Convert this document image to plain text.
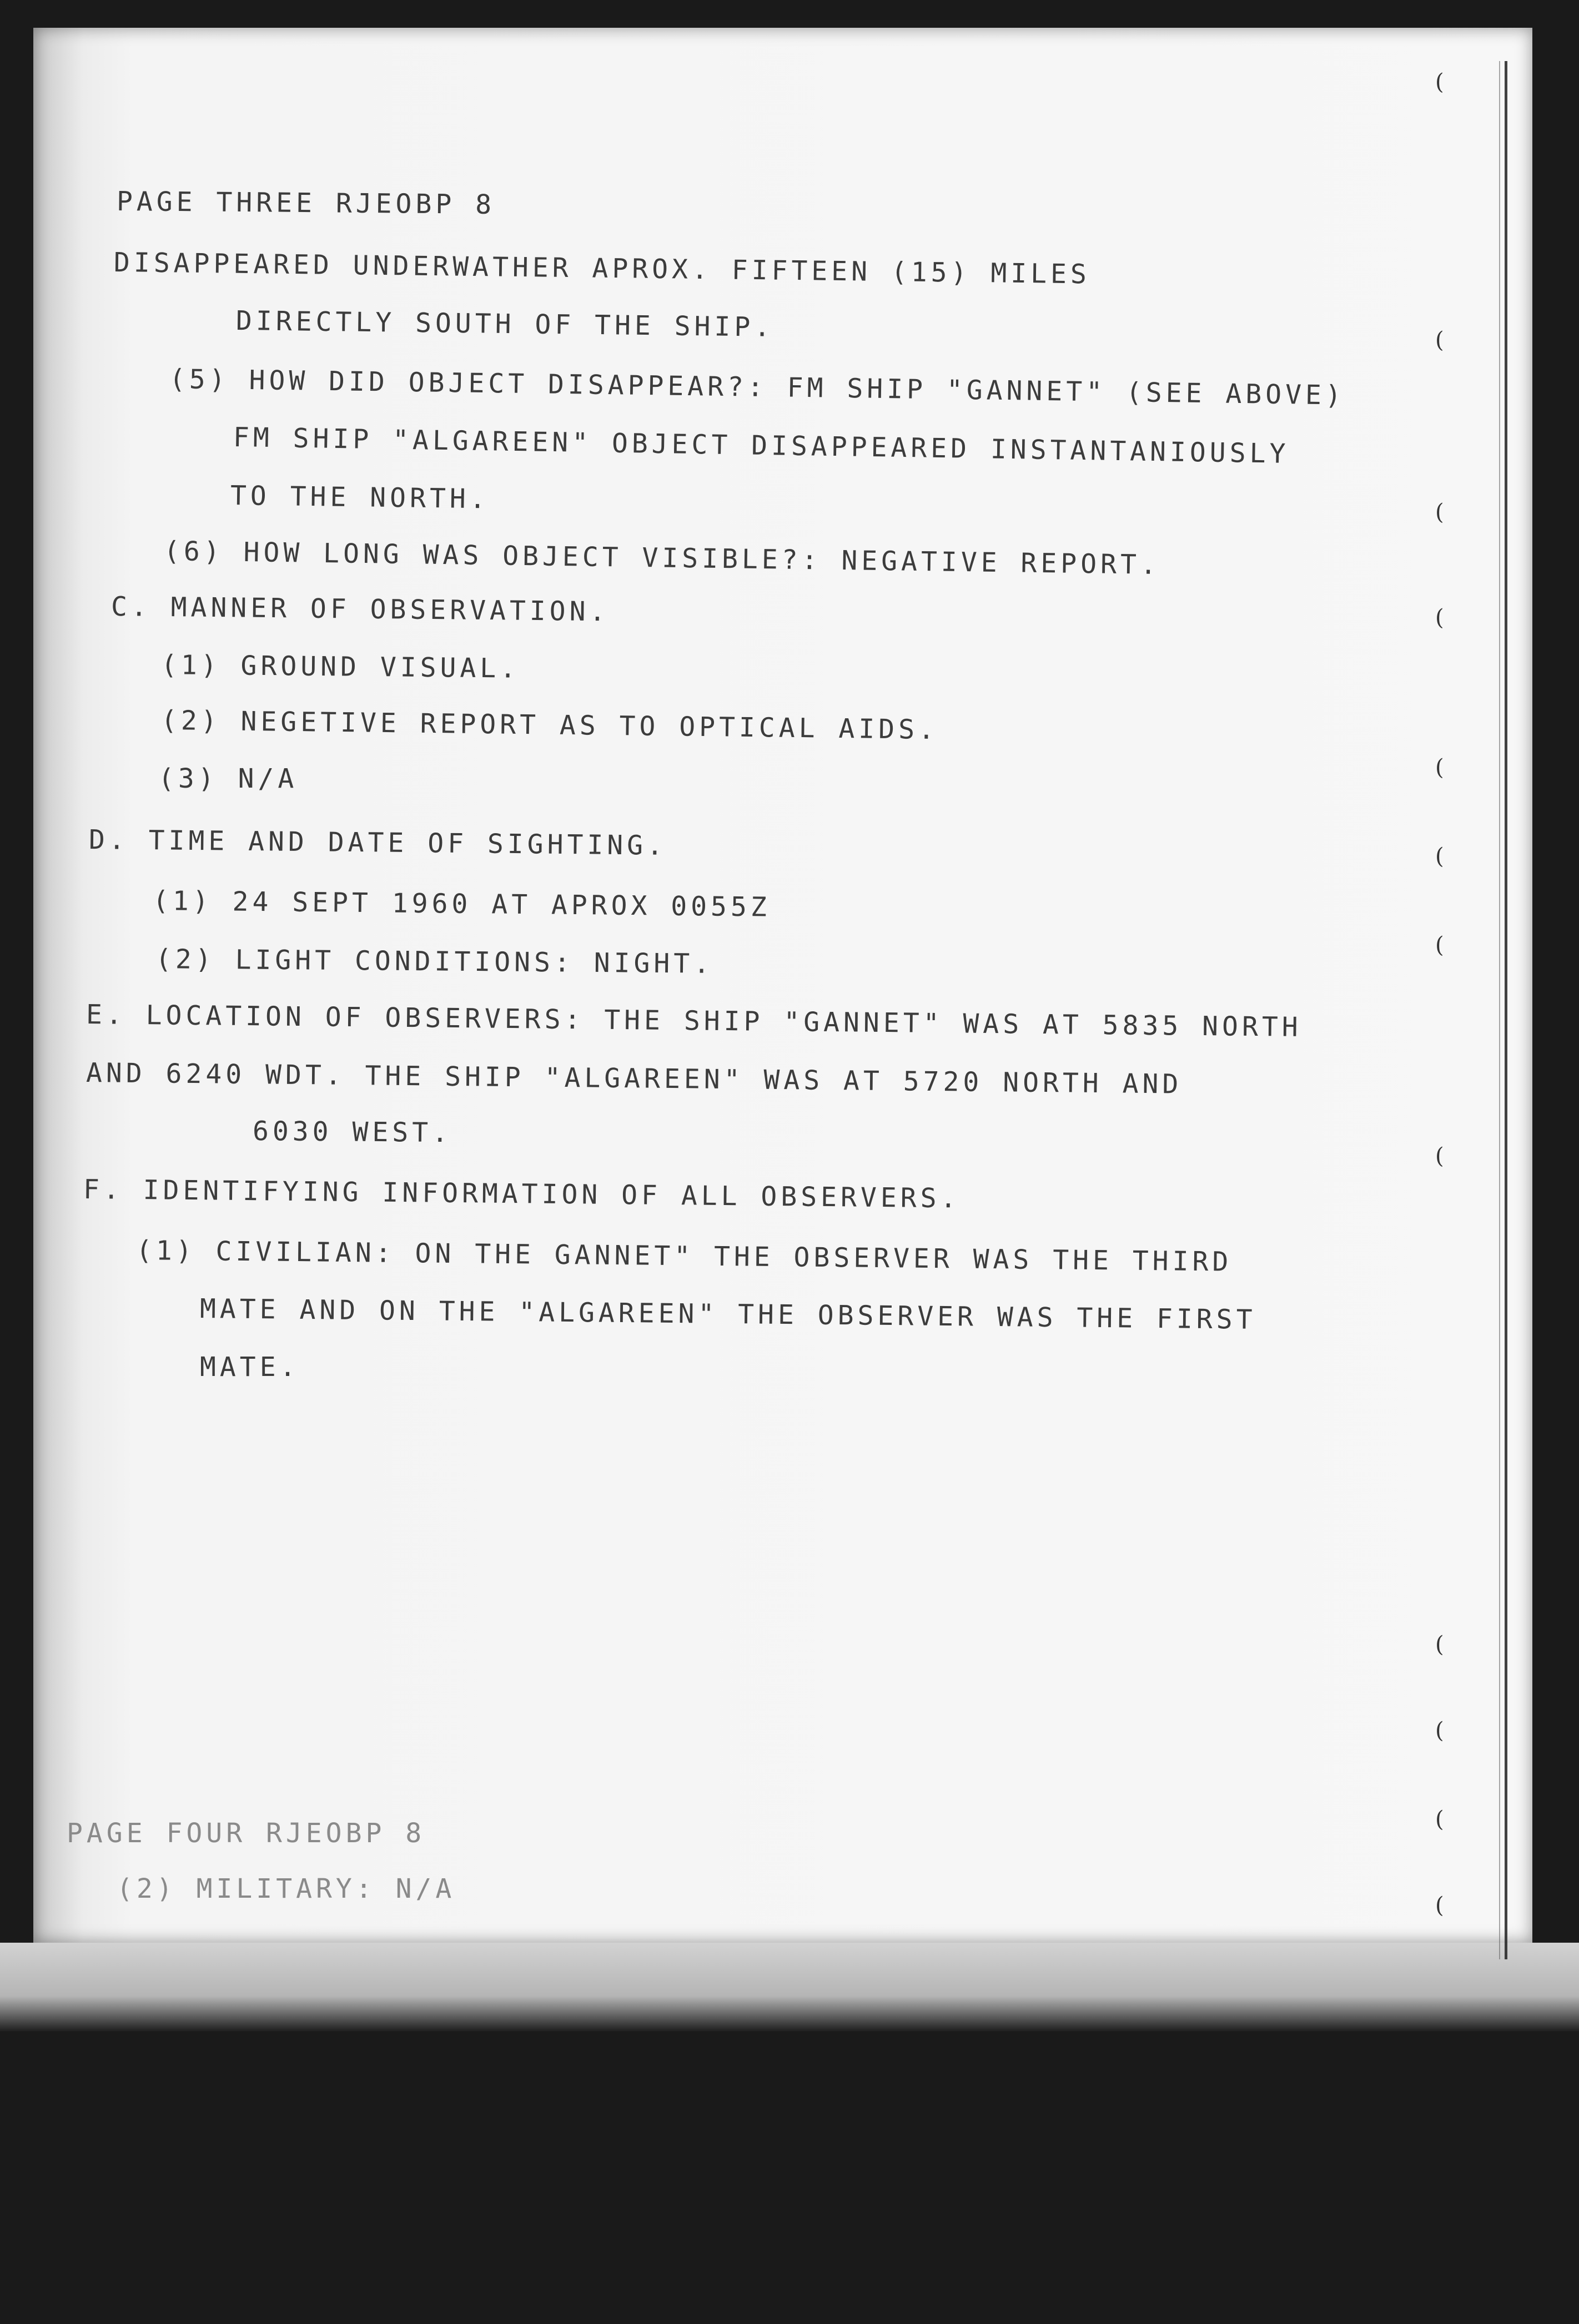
PAGE THREE RJEOBP 8
DISAPPEARED UNDERWATHER APROX. FIFTEEN (15) MILES
DIRECTLY SOUTH OF THE SHIP.
(5) HOW DID OBJECT DISAPPEAR?: FM SHIP "GANNET" (SEE ABOVE)
FM SHIP "ALGAREEN" OBJECT DISAPPEARED INSTANTANIOUSLY
TO THE NORTH.
(6) HOW LONG WAS OBJECT VISIBLE?: NEGATIVE REPORT.
C. MANNER OF OBSERVATION.
(1) GROUND VISUAL.
(2) NEGETIVE REPORT AS TO OPTICAL AIDS.
(3) N/A
D. TIME AND DATE OF SIGHTING.
(1) 24 SEPT 1960 AT APROX 0055Z
(2) LIGHT CONDITIONS: NIGHT.
E. LOCATION OF OBSERVERS: THE SHIP "GANNET" WAS AT 5835 NORTH
AND 6240 WDT. THE SHIP "ALGAREEN" WAS AT 5720 NORTH AND
6030 WEST.
F. IDENTIFYING INFORMATION OF ALL OBSERVERS.
(1) CIVILIAN: ON THE GANNET" THE OBSERVER WAS THE THIRD
MATE AND ON THE "ALGAREEN" THE OBSERVER WAS THE FIRST
MATE.
PAGE FOUR RJEOBP 8
(2) MILITARY: N/A
(
(
(
(
(
(
(
(
(
(
(
(
